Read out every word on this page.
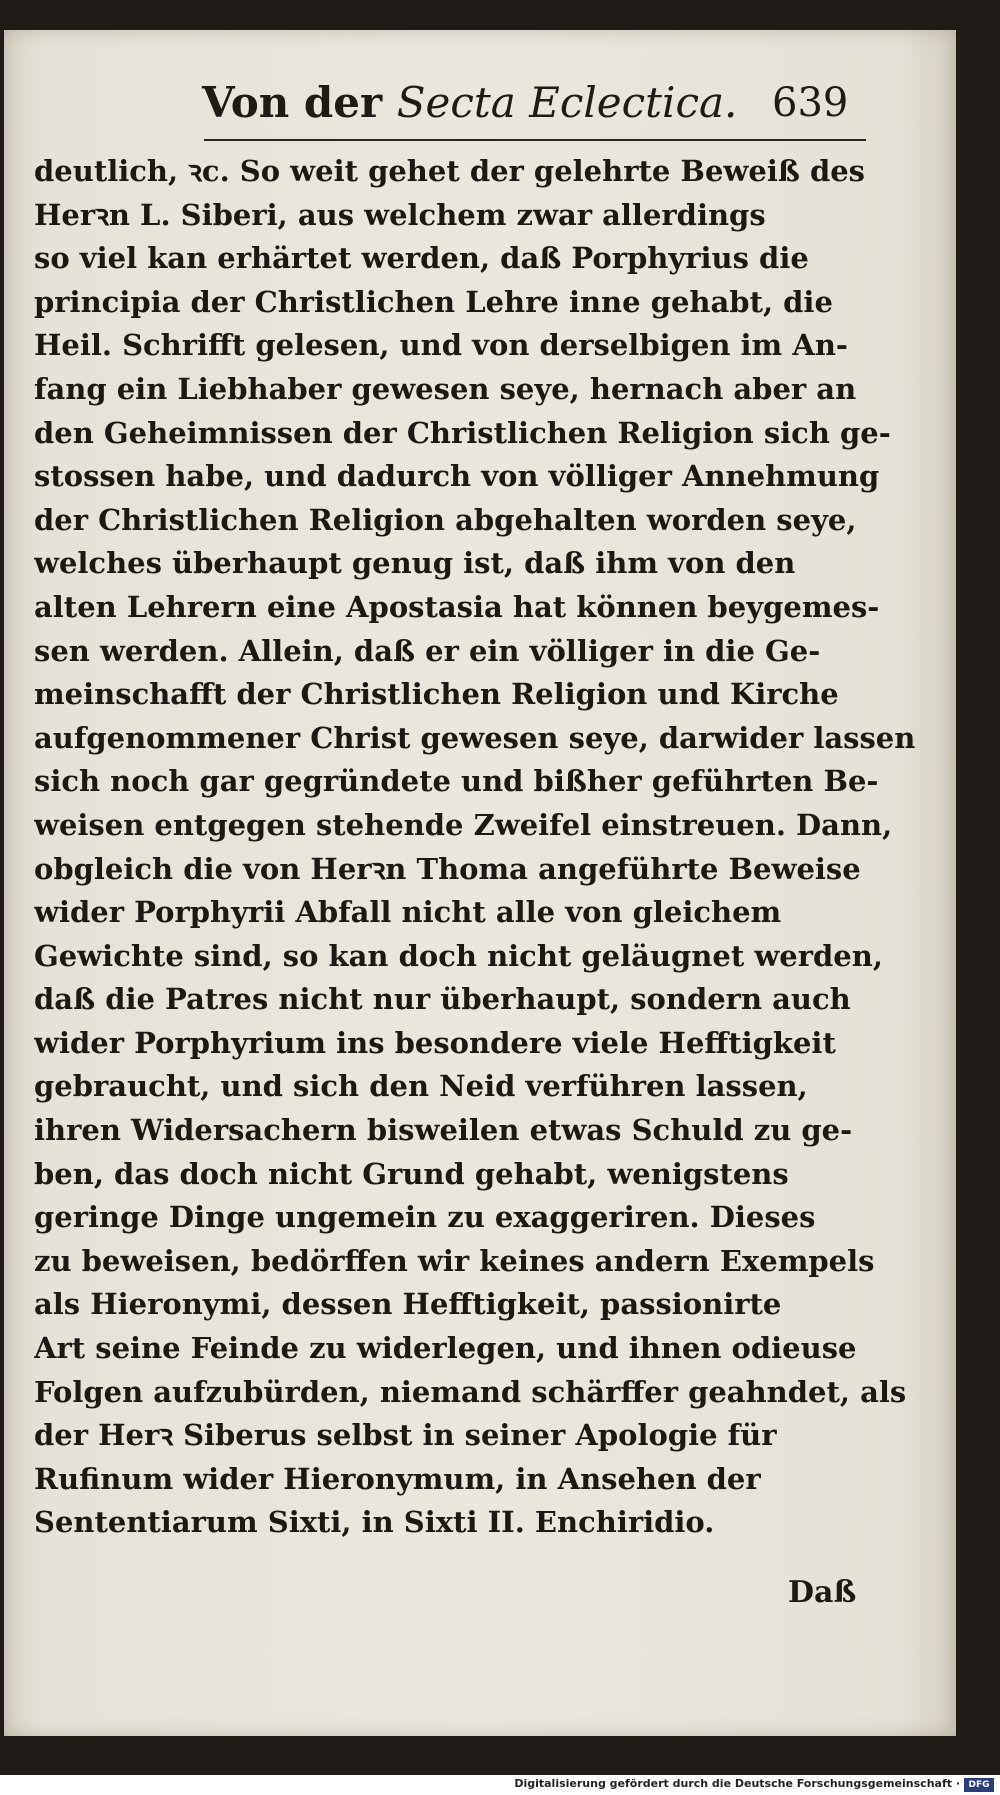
Von der Secta Eclectica. 639
deutlich, ꝛc. So weit gehet der gelehrte Beweiß des
Herꝛn L. Siberi, aus welchem zwar allerdings
so viel kan erhärtet werden, daß Porphyrius die
principia der Christlichen Lehre inne gehabt, die
Heil. Schrifft gelesen, und von derselbigen im An-
fang ein Liebhaber gewesen seye, hernach aber an
den Geheimnissen der Christlichen Religion sich ge-
stossen habe, und dadurch von völliger Annehmung
der Christlichen Religion abgehalten worden seye,
welches überhaupt genug ist, daß ihm von den
alten Lehrern eine Apostasia hat können beygemes-
sen werden. Allein, daß er ein völliger in die Ge-
meinschafft der Christlichen Religion und Kirche
aufgenommener Christ gewesen seye, darwider lassen
sich noch gar gegründete und bißher geführten Be-
weisen entgegen stehende Zweifel einstreuen. Dann,
obgleich die von Herꝛn Thoma angeführte Beweise
wider Porphyrii Abfall nicht alle von gleichem
Gewichte sind, so kan doch nicht geläugnet werden,
daß die Patres nicht nur überhaupt, sondern auch
wider Porphyrium ins besondere viele Hefftigkeit
gebraucht, und sich den Neid verführen lassen,
ihren Widersachern bisweilen etwas Schuld zu ge-
ben, das doch nicht Grund gehabt, wenigstens
geringe Dinge ungemein zu exaggeriren. Dieses
zu beweisen, bedörffen wir keines andern Exempels
als Hieronymi, dessen Hefftigkeit, passionirte
Art seine Feinde zu widerlegen, und ihnen odieuse
Folgen aufzubürden, niemand schärffer geahndet, als
der Herꝛ Siberus selbst in seiner Apologie für
Rufinum wider Hieronymum, in Ansehen der
Sententiarum Sixti, in Sixti II. Enchiridio.
Daß
Digitalisierung gefördert durch die Deutsche Forschungsgemeinschaft · DFG
